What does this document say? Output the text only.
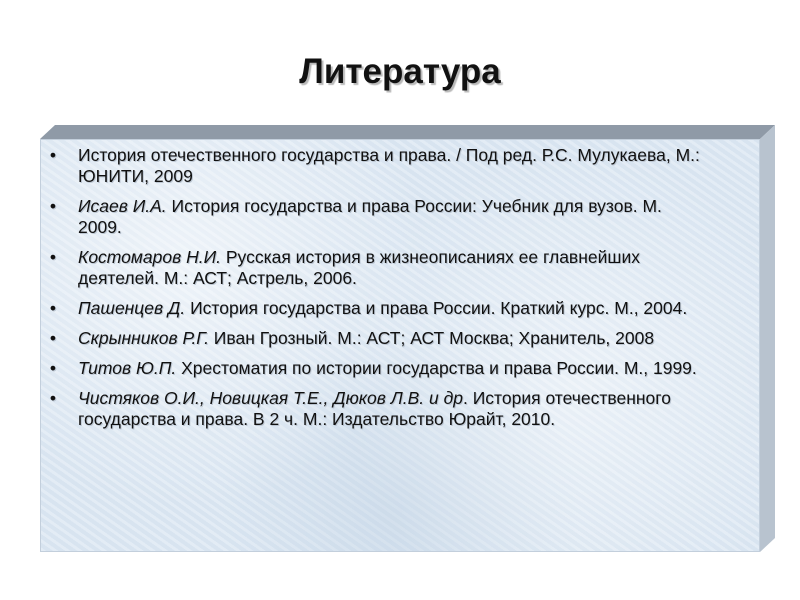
Литература
• История отечественного государства и права. / Под ред. Р.С. Мулукаева, М.: ЮНИТИ, 2009
• Исаев И.А. История государства и права России: Учебник для вузов. М. 2009.
• Костомаров Н.И. Русская история в жизнеописаниях ее главнейших деятелей. М.: АСТ; Астрель, 2006.
• Пашенцев Д. История государства и права России. Краткий курс. М., 2004.
• Скрынников Р.Г. Иван Грозный. М.: АСТ; АСТ Москва; Хранитель, 2008
• Титов Ю.П. Хрестоматия по истории государства и права России. М., 1999.
• Чистяков О.И., Новицкая Т.Е., Дюков Л.В. и др. История отечественного государства и права. В 2 ч. М.: Издательство Юрайт, 2010.
